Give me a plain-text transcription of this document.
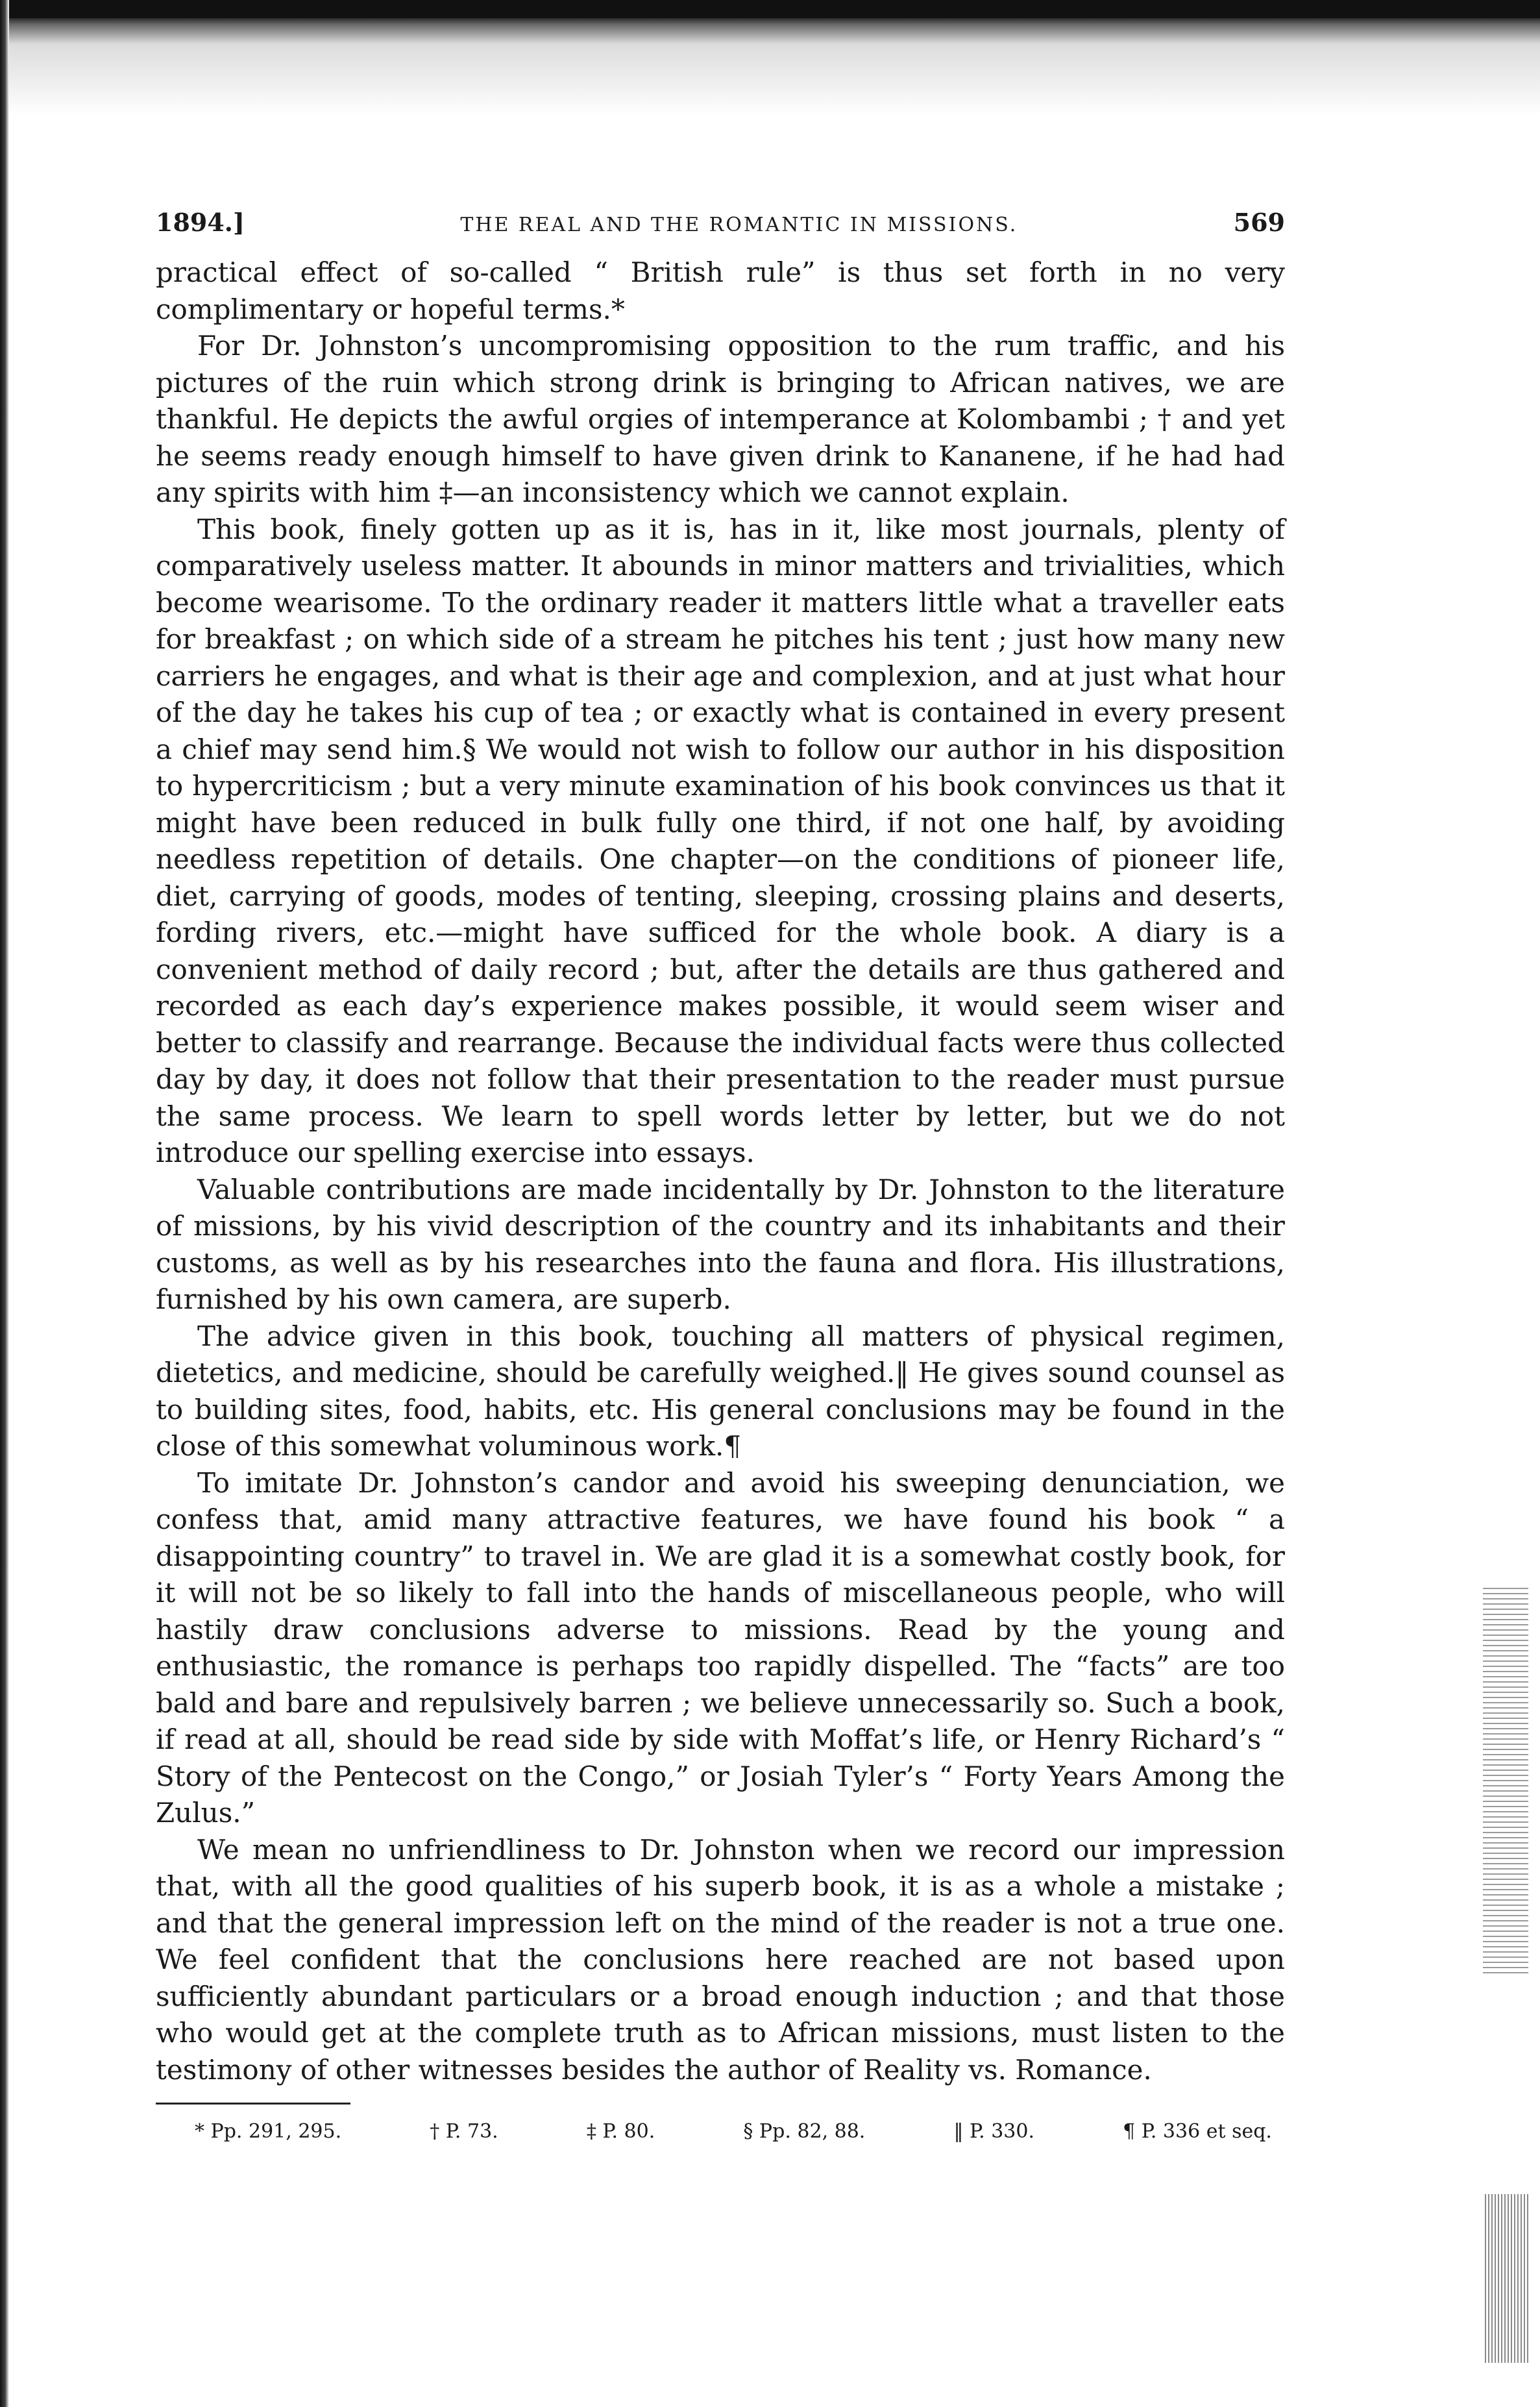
1894.]	THE REAL AND THE ROMANTIC IN MISSIONS.	569

practical effect of so-called “ British rule” is thus set forth in no very complimentary or hopeful terms.*

For Dr. Johnston’s uncompromising opposition to the rum traffic, and his pictures of the ruin which strong drink is bringing to African natives, we are thankful. He depicts the awful orgies of intemperance at Kolombambi ; † and yet he seems ready enough himself to have given drink to Kananene, if he had had any spirits with him ‡—an inconsistency which we cannot explain.

This book, finely gotten up as it is, has in it, like most journals, plenty of comparatively useless matter. It abounds in minor matters and trivialities, which become wearisome. To the ordinary reader it matters little what a traveller eats for breakfast ; on which side of a stream he pitches his tent ; just how many new carriers he engages, and what is their age and complexion, and at just what hour of the day he takes his cup of tea ; or exactly what is contained in every present a chief may send him.§ We would not wish to follow our author in his disposition to hypercriticism ; but a very minute examination of his book convinces us that it might have been reduced in bulk fully one third, if not one half, by avoiding needless repetition of details. One chapter—on the conditions of pioneer life, diet, carrying of goods, modes of tenting, sleeping, crossing plains and deserts, fording rivers, etc.—might have sufficed for the whole book. A diary is a convenient method of daily record ; but, after the details are thus gathered and recorded as each day’s experience makes possible, it would seem wiser and better to classify and rearrange. Because the individual facts were thus collected day by day, it does not follow that their presentation to the reader must pursue the same process. We learn to spell words letter by letter, but we do not introduce our spelling exercise into essays.

Valuable contributions are made incidentally by Dr. Johnston to the literature of missions, by his vivid description of the country and its inhabitants and their customs, as well as by his researches into the fauna and flora. His illustrations, furnished by his own camera, are superb.

The advice given in this book, touching all matters of physical regimen, dietetics, and medicine, should be carefully weighed.‖ He gives sound counsel as to building sites, food, habits, etc. His general conclusions may be found in the close of this somewhat voluminous work.¶

To imitate Dr. Johnston’s candor and avoid his sweeping denunciation, we confess that, amid many attractive features, we have found his book “ a disappointing country” to travel in. We are glad it is a somewhat costly book, for it will not be so likely to fall into the hands of miscellaneous people, who will hastily draw conclusions adverse to missions. Read by the young and enthusiastic, the romance is perhaps too rapidly dispelled. The “facts” are too bald and bare and repulsively barren ; we believe unnecessarily so. Such a book, if read at all, should be read side by side with Moffat’s life, or Henry Richard’s “ Story of the Pentecost on the Congo,” or Josiah Tyler’s “ Forty Years Among the Zulus.”

We mean no unfriendliness to Dr. Johnston when we record our impression that, with all the good qualities of his superb book, it is as a whole a mistake ; and that the general impression left on the mind of the reader is not a true one. We feel confident that the conclusions here reached are not based upon sufficiently abundant particulars or a broad enough induction ; and that those who would get at the complete truth as to African missions, must listen to the testimony of other witnesses besides the author of Reality vs. Romance.

* Pp. 291, 295.	† P. 73.	‡ P. 80.	§ Pp. 82, 88.	‖ P. 330.	¶ P. 336 et seq.
